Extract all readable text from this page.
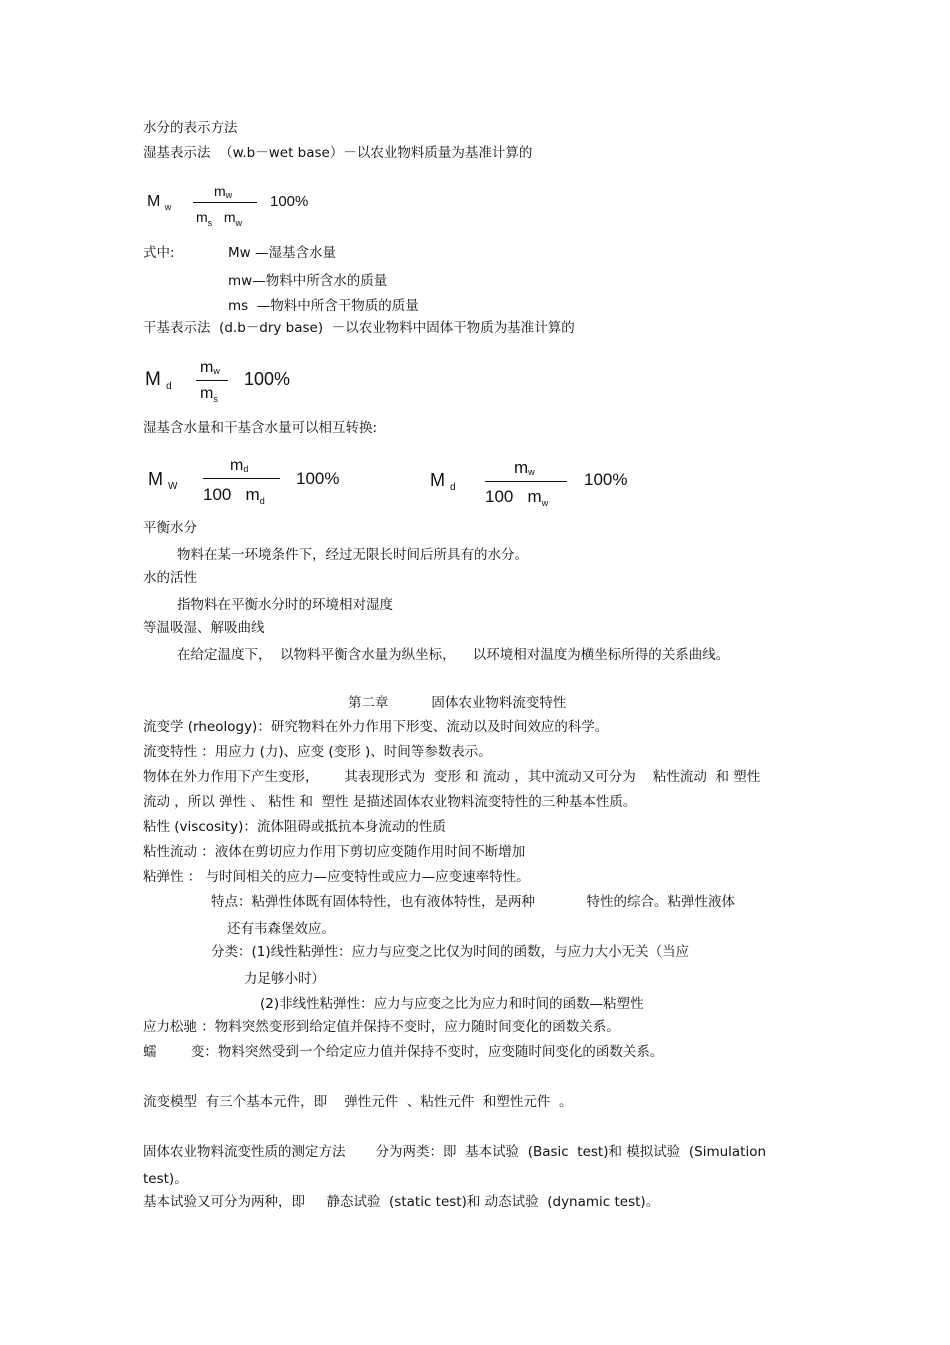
水分的表示方法
湿基表示法  （w.b－wet base）－以农业物料质量为基准计算的
M $_w$
mw
$m_s$ $m_w$
100%
式中:	Mw —湿基含水量
mw—物料中所含水的质量
ms  —物料中所含干物质的质量
干基表示法  (d.b－dry base)  －以农业物料中固体干物质为基准计算的
M $_d$
mw
$m_s$
100%
湿基含水量和干基含水量可以相互转换:
M $_W$
md
100 $m_d$
100%	M $_d$
mw
100 $m_w$
100%
平衡水分
物料在某一环境条件下，经过无限长时间后所具有的水分。
水的活性
指物料在平衡水分时的环境相对湿度
等温吸湿、解吸曲线
在给定温度下，  以物料平衡含水量为纵坐标，    以环境相对温度为横坐标所得的关系曲线。
第二章          固体农业物料流变特性
流变学 (rheology)：研究物料在外力作用下形变、流动以及时间效应的科学。
流变特性 ：用应力 (力)、应变 (变形 )、时间等参数表示。
物体在外力作用下产生变形，      其表现形式为  变形 和 流动 ，其中流动又可分为    粘性流动  和 塑性
流动 ，所以 弹性 、 粘性 和  塑性 是描述固体农业物料流变特性的三种基本性质。
粘性 (viscosity)：流体阻碍或抵抗本身流动的性质
粘性流动 ：液体在剪切应力作用下剪切应变随作用时间不断增加
粘弹性 ： 与时间相关的应力—应变特性或应力—应变速率特性。
特点：粘弹性体既有固体特性，也有液体特性，是两种            特性的综合。粘弹性液体
还有韦森堡效应。
分类：(1)线性粘弹性：应力与应变之比仅为时间的函数，与应力大小无关（当应
力足够小时）
(2)非线性粘弹性：应力与应变之比为应力和时间的函数—粘塑性
应力松驰 ：物料突然变形到给定值并保持不变时，应力随时间变化的函数关系。
蠕        变：物料突然受到一个给定应力值并保持不变时，应变随时间变化的函数关系。
流变模型  有三个基本元件，即    弹性元件  、粘性元件  和塑性元件  。
固体农业物料流变性质的测定方法       分为两类：即  基本试验  (Basic  test)和 模拟试验  (Simulation
test)。
基本试验又可分为两种，即     静态试验  (static test)和 动态试验  (dynamic test)。
